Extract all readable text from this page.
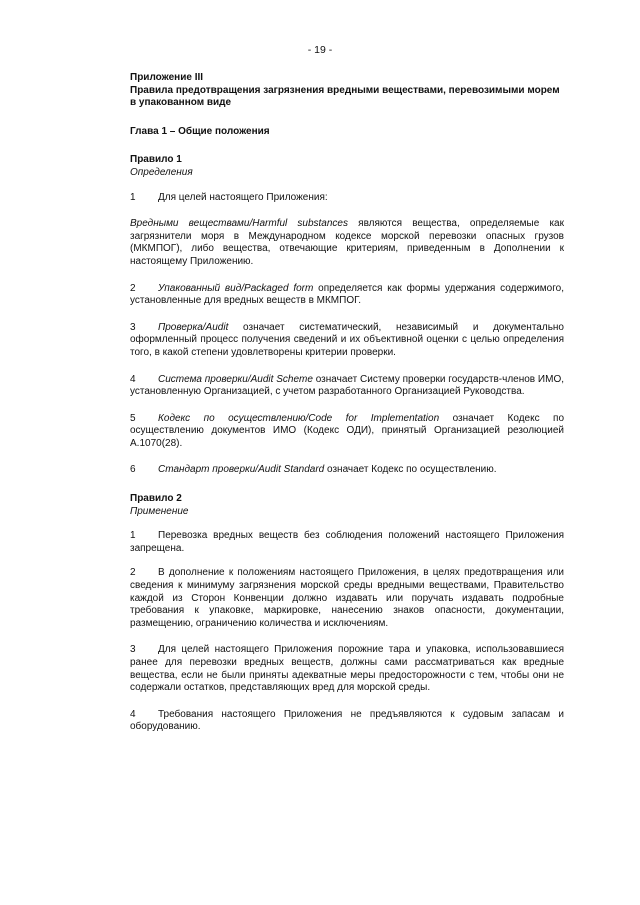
- 19 -
Приложение III
Правила предотвращения загрязнения вредными веществами, перевозимыми морем в упакованном виде
Глава 1 – Общие положения
Правило 1
Определения

1 Для целей настоящего Приложения:

Вредными веществами/Harmful substances являются вещества, определяемые как загрязнители моря в Международном кодексе морской перевозки опасных грузов (МКМПОГ), либо вещества, отвечающие критериям, приведенным в Дополнении к настоящему Приложению.

2 Упакованный вид/Packaged form определяется как формы удержания содержимого, установленные для вредных веществ в МКМПОГ.

3 Проверка/Audit означает систематический, независимый и документально оформленный процесс получения сведений и их объективной оценки с целью определения того, в какой степени удовлетворены критерии проверки.

4 Система проверки/Audit Scheme означает Систему проверки государств-членов ИМО, установленную Организацией, с учетом разработанного Организацией Руководства.

5 Кодекс по осуществлению/Code for Implementation означает Кодекс по осуществлению документов ИМО (Кодекс ОДИ), принятый Организацией резолюцией A.1070(28).

6 Стандарт проверки/Audit Standard означает Кодекс по осуществлению.

Правило 2
Применение

1 Перевозка вредных веществ без соблюдения положений настоящего Приложения запрещена.

2 В дополнение к положениям настоящего Приложения, в целях предотвращения или сведения к минимуму загрязнения морской среды вредными веществами, Правительство каждой из Сторон Конвенции должно издавать или поручать издавать подробные требования к упаковке, маркировке, нанесению знаков опасности, документации, размещению, ограничению количества и исключениям.

3 Для целей настоящего Приложения порожние тара и упаковка, использовавшиеся ранее для перевозки вредных веществ, должны сами рассматриваться как вредные вещества, если не были приняты адекватные меры предосторожности с тем, чтобы они не содержали остатков, представляющих вред для морской среды.

4 Требования настоящего Приложения не предъявляются к судовым запасам и оборудованию.
